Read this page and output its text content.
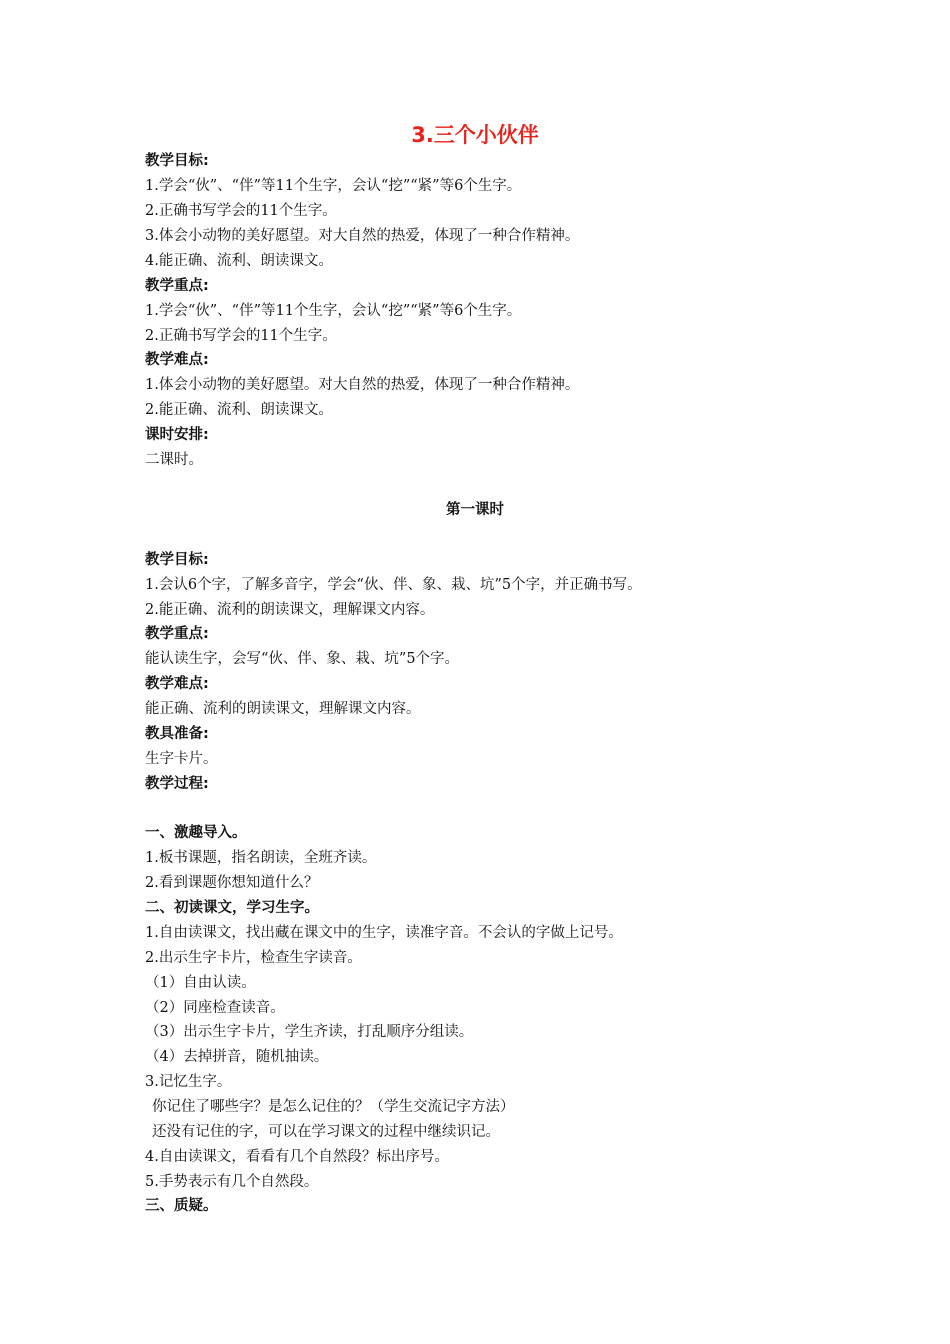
3.三个小伙伴
教学目标:
1.学会“伙”、“伴”等11个生字，会认“挖”“紧”等6个生字。
2.正确书写学会的11个生字。
3.体会小动物的美好愿望。对大自然的热爱，体现了一种合作精神。
4.能正确、流利、朗读课文。
教学重点:
1.学会“伙”、“伴”等11个生字，会认“挖”“紧”等6个生字。
2.正确书写学会的11个生字。
教学难点:
1.体会小动物的美好愿望。对大自然的热爱，体现了一种合作精神。
2.能正确、流利、朗读课文。
课时安排:
二课时。
第一课时
教学目标:
1.会认6个字，了解多音字，学会“伙、伴、象、栽、坑”5个字，并正确书写。
2.能正确、流利的朗读课文，理解课文内容。
教学重点:
能认读生字，会写“伙、伴、象、栽、坑”5个字。
教学难点:
能正确、流利的朗读课文，理解课文内容。
教具准备:
生字卡片。
教学过程:
一、激趣导入。
1.板书课题，指名朗读，全班齐读。
2.看到课题你想知道什么？
二、初读课文，学习生字。
1.自由读课文，找出藏在课文中的生字，读准字音。不会认的字做上记号。
2.出示生字卡片，检查生字读音。
（1）自由认读。
（2）同座检查读音。
（3）出示生字卡片，学生齐读，打乱顺序分组读。
（4）去掉拼音，随机抽读。
3.记忆生字。
你记住了哪些字？是怎么记住的？（学生交流记字方法）
还没有记住的字，可以在学习课文的过程中继续识记。
4.自由读课文，看看有几个自然段？标出序号。
5.手势表示有几个自然段。
三、质疑。
